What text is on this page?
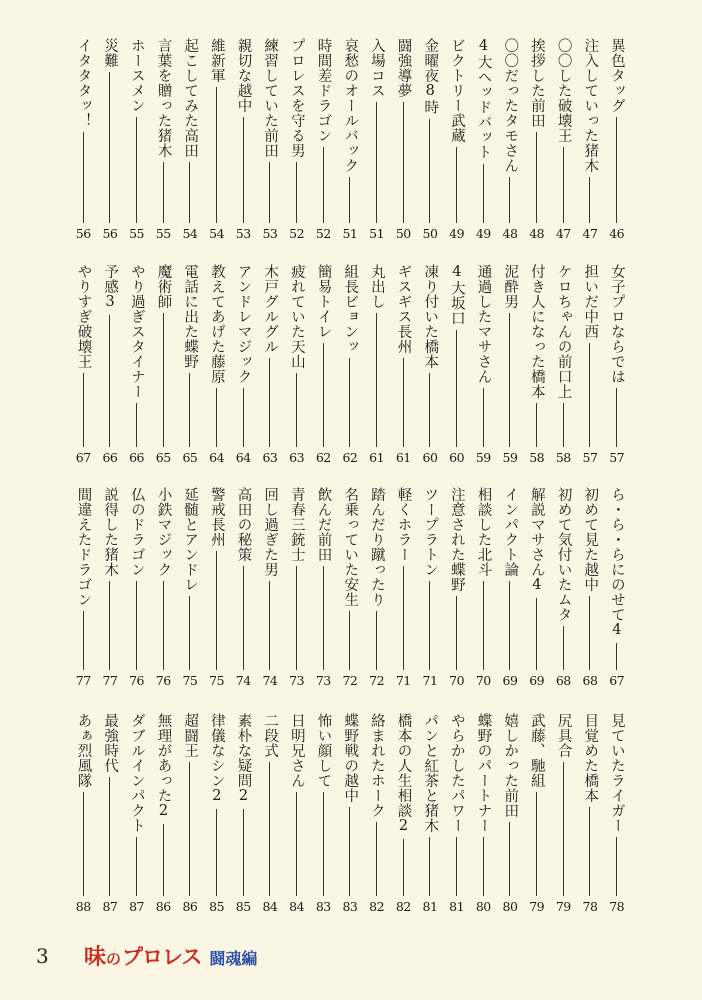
異色タッグ
46
注入していった猪木
47
〇〇した破壊王
47
挨拶した前田
48
〇〇だったタモさん
48
4大ヘッドバット
49
ビクトリー武蔵
49
金曜夜8時
50
闘強導夢
50
入場コス
51
哀愁のオールバック
51
時間差ドラゴン
52
プロレスを守る男
52
練習していた前田
53
親切な越中
53
維新軍
54
起こしてみた高田
54
言葉を贈った猪木
55
ホースメン
55
災難
56
イタタタッ！
56
女子プロならでは
57
担いだ中西
57
ケロちゃんの前口上
58
付き人になった橋本
58
泥酔男
59
通過したマサさん
59
4大坂口
60
凍り付いた橋本
60
ギスギス長州
61
丸出し
61
組長ビョンッ
62
簡易トイレ
62
疲れていた天山
63
木戸グルグル
63
アンドレマジック
64
教えてあげた藤原
64
電話に出た蝶野
65
魔術師
65
やり過ぎスタイナー
66
予感3
66
やりすぎ破壊王
67
ら・ら・らにのせて4
67
初めて見た越中
68
初めて気付いたムタ
68
解説マサさん4
69
インパクト論
69
相談した北斗
70
注意された蝶野
70
ツープラトン
71
軽くホラー
71
踏んだり蹴ったり
72
名乗っていた安生
72
飲んだ前田
73
青春三銃士
73
回し過ぎた男
74
高田の秘策
74
警戒長州
75
延髄とアンドレ
75
小鉄マジック
76
仏のドラゴン
76
説得した猪木
77
間違えたドラゴン
77
見ていたライガー
78
目覚めた橋本
78
尻具合
79
武藤、馳組
79
嬉しかった前田
80
蝶野のパートナー
80
やらかしたパワー
81
パンと紅茶と猪木
81
橋本の人生相談2
82
絡まれたホーク
82
蝶野戦の越中
83
怖い顔して
83
日明兄さん
84
二段式
84
素朴な疑問2
85
律儀なシン2
85
超闘王
86
無理があった2
86
ダブルインパクト
87
最強時代
87
あぁ烈風隊
88
3 味 の プロレス 闘魂編
